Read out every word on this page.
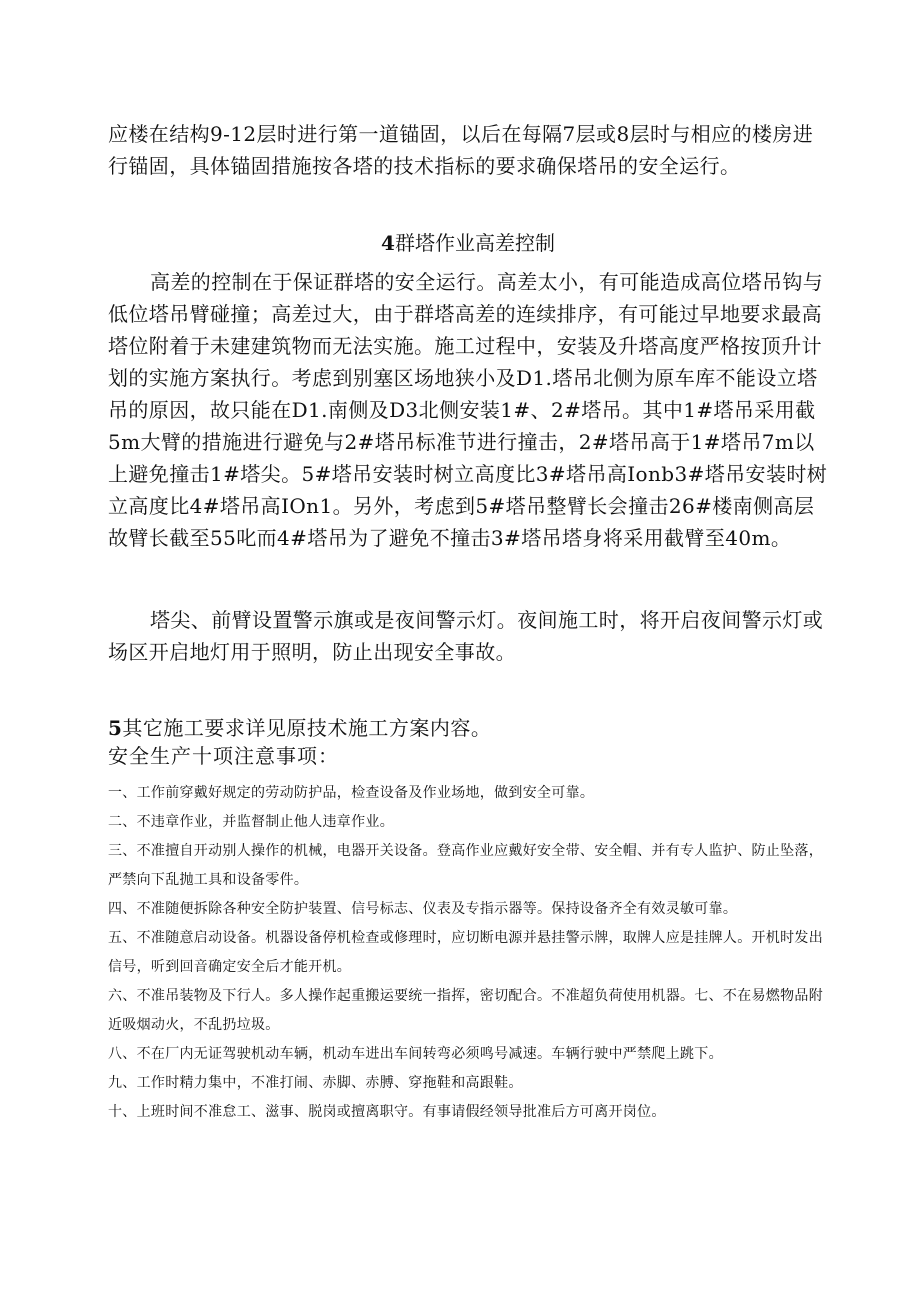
应楼在结构9-12层时进行第一道锚固，以后在每隔7层或8层时与相应的楼房进行锚固，具体锚固措施按各塔的技术指标的要求确保塔吊的安全运行。

4群塔作业高差控制

高差的控制在于保证群塔的安全运行。高差太小，有可能造成高位塔吊钩与低位塔吊臂碰撞；高差过大，由于群塔高差的连续排序，有可能过早地要求最高塔位附着于未建建筑物而无法实施。施工过程中，安装及升塔高度严格按顶升计划的实施方案执行。考虑到别塞区场地狭小及D1.塔吊北侧为原车库不能设立塔吊的原因，故只能在D1.南侧及D3北侧安装1#、2#塔吊。其中1#塔吊采用截5m大臂的措施进行避免与2#塔吊标准节进行撞击，2#塔吊高于1#塔吊7m以上避免撞击1#塔尖。5#塔吊安装时树立高度比3#塔吊高Ionb3#塔吊安装时树立高度比4#塔吊高IOn1。另外，考虑到5#塔吊整臂长会撞击26#楼南侧高层故臂长截至55叱而4#塔吊为了避免不撞击3#塔吊塔身将采用截臂至40m。

塔尖、前臂设置警示旗或是夜间警示灯。夜间施工时，将开启夜间警示灯或场区开启地灯用于照明，防止出现安全事故。

5其它施工要求详见原技术施工方案内容。
安全生产十项注意事项：
一、工作前穿戴好规定的劳动防护品，检查设备及作业场地，做到安全可靠。
二、不违章作业，并监督制止他人违章作业。
三、不准擅自开动别人操作的机械，电器开关设备。登高作业应戴好安全带、安全帽、并有专人监护、防止坠落，严禁向下乱抛工具和设备零件。
四、不准随便拆除各种安全防护装置、信号标志、仪表及专指示器等。保持设备齐全有效灵敏可靠。
五、不准随意启动设备。机器设备停机检查或修理时，应切断电源并悬挂警示牌，取牌人应是挂牌人。开机时发出信号，听到回音确定安全后才能开机。
六、不准吊装物及下行人。多人操作起重搬运要统一指挥，密切配合。不准超负荷使用机器。七、不在易燃物品附近吸烟动火，不乱扔垃圾。
八、不在厂内无证驾驶机动车辆，机动车进出车间转弯必须鸣号减速。车辆行驶中严禁爬上跳下。
九、工作时精力集中，不准打闹、赤脚、赤膊、穿拖鞋和高跟鞋。
十、上班时间不准怠工、滋事、脱岗或擅离职守。有事请假经领导批准后方可离开岗位。
